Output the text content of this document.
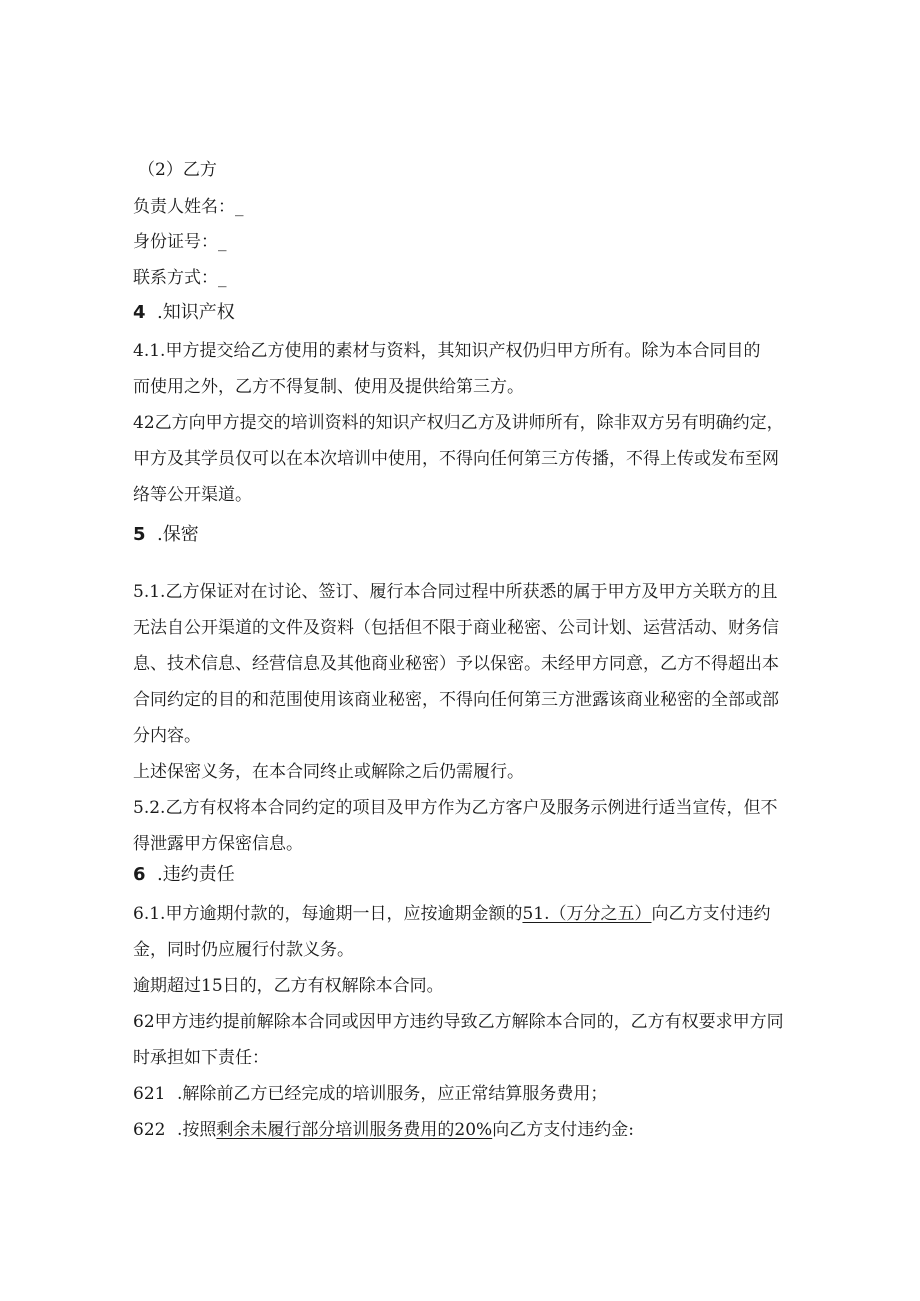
（2）乙方
负责人姓名：_
身份证号：_
联系方式：_
4 .知识产权
4.1.甲方提交给乙方使用的素材与资料，其知识产权仍归甲方所有。除为本合同目的
而使用之外，乙方不得复制、使用及提供给第三方。
42乙方向甲方提交的培训资料的知识产权归乙方及讲师所有，除非双方另有明确约定，
甲方及其学员仅可以在本次培训中使用，不得向任何第三方传播，不得上传或发布至网
络等公开渠道。
5 .保密
5.1.乙方保证对在讨论、签订、履行本合同过程中所获悉的属于甲方及甲方关联方的且
无法自公开渠道的文件及资料（包括但不限于商业秘密、公司计划、运营活动、财务信
息、技术信息、经营信息及其他商业秘密）予以保密。未经甲方同意，乙方不得超出本
合同约定的目的和范围使用该商业秘密，不得向任何第三方泄露该商业秘密的全部或部
分内容。
上述保密义务，在本合同终止或解除之后仍需履行。
5.2.乙方有权将本合同约定的项目及甲方作为乙方客户及服务示例进行适当宣传，但不
得泄露甲方保密信息。
6 .违约责任
6.1.甲方逾期付款的，每逾期一日，应按逾期金额的51.（万分之五）向乙方支付违约
金，同时仍应履行付款义务。
逾期超过15日的，乙方有权解除本合同。
62甲方违约提前解除本合同或因甲方违约导致乙方解除本合同的，乙方有权要求甲方同
时承担如下责任：
621 .解除前乙方已经完成的培训服务，应正常结算服务费用；
622 .按照剩余未履行部分培训服务费用的20%向乙方支付违约金:
